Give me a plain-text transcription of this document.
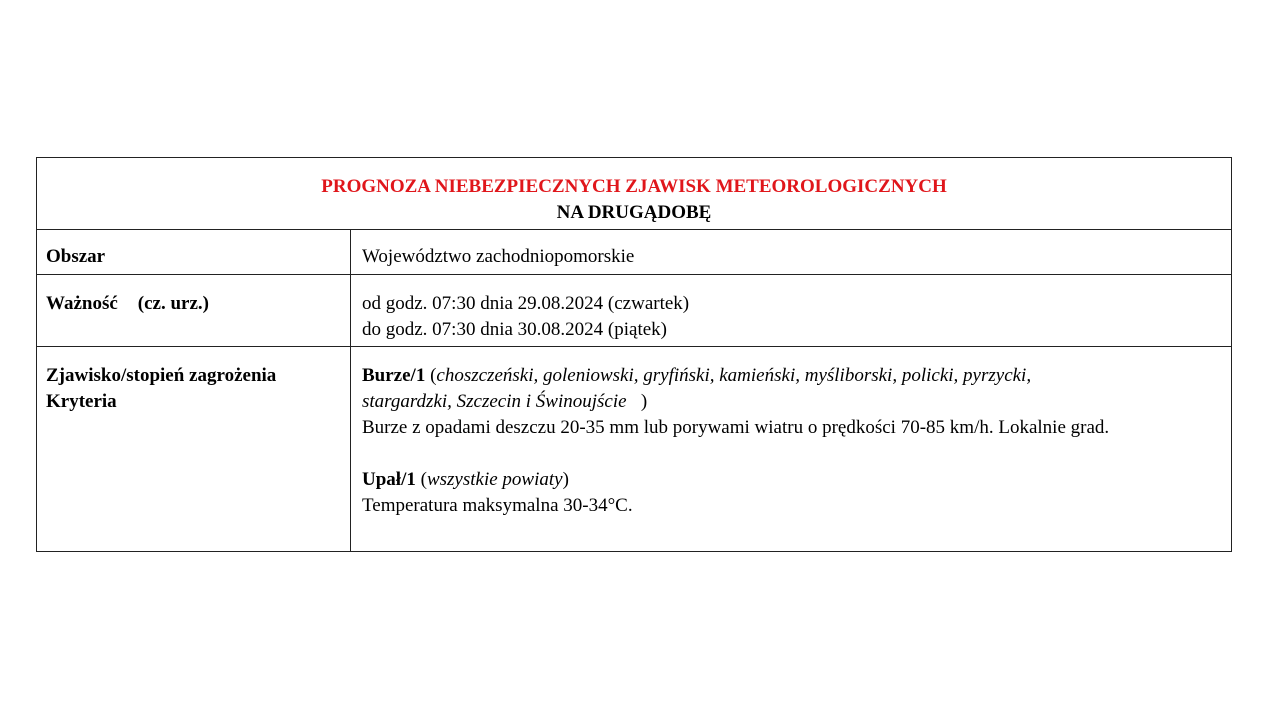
PROGNOZA NIEBEZPIECZNYCH ZJAWISK METEOROLOGICZNYCH
NA DRUGĄDOBĘ	

Obszar	Województwo zachodniopomorskie
Ważność (cz. urz.)	od godz. 07:30 dnia 29.08.2024 (czwartek)
do godz. 07:30 dnia 30.08.2024 (piątek)

Zjawisko/stopień zagrożenia
Kryteria	Burze/1 (choszczeński, goleniowski, gryfiński, kamieński, myśliborski, policki, pyrzycki,
stargardzki, Szczecin i Świnoujście   )
Burze z opadami deszczu 20-35 mm lub porywami wiatru o prędkości 70-85 km/h. Lokalnie grad.
Upał/1 (wszystkie powiaty)
Temperatura maksymalna 30-34°C.
